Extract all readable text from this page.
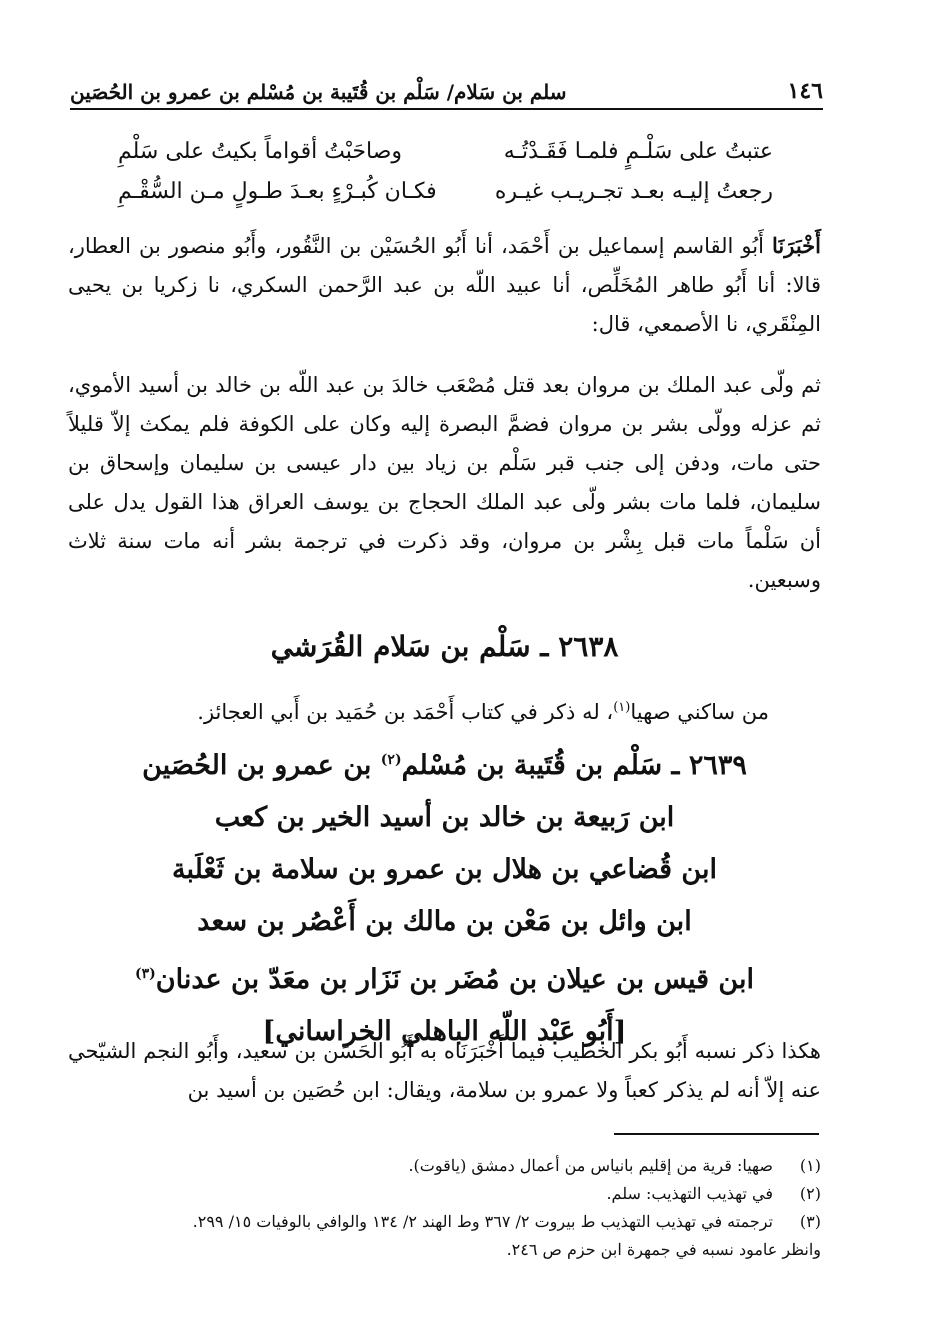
١٤٦
سلم بن سَلام/ سَلْم بن قُتَيبة بن مُسْلم بن عمرو بن الحُصَين
عتبتُ على سَلْـمٍ فلمـا فَقَـدْتُـه
وصاحَبْتُ أقواماً بكيتُ على سَلْمِ
رجعتُ إليـه بعـد تجـريـب غيـره
فكـان كُبـرْءٍ بعـدَ طـولٍ مـن السُّقْـمِ
أَخْبَرَنَا أَبُو القاسم إسماعيل بن أَحْمَد، أنا أَبُو الحُسَيْن بن النَّقُور، وأَبُو منصور بن العطار، قالا: أنا أَبُو طاهر المُخَلِّص، أنا عبيد اللّه بن عبد الرَّحمن السكري، نا زكريا بن يحيى المِنْقَري، نا الأصمعي، قال:
ثم ولّى عبد الملك بن مروان بعد قتل مُصْعَب خالدَ بن عبد اللّه بن خالد بن أسيد الأموي، ثم عزله وولّى بشر بن مروان فضمَّ البصرة إليه وكان على الكوفة فلم يمكث إلاّ قليلاً حتى مات، ودفن إلى جنب قبر سَلْم بن زياد بين دار عيسى بن سليمان وإسحاق بن سليمان، فلما مات بشر ولّى عبد الملك الحجاج بن يوسف العراق هذا القول يدل على أن سَلْماً مات قبل بِشْر بن مروان، وقد ذكرت في ترجمة بشر أنه مات سنة ثلاث وسبعين.
٢٦٣٨ ـ سَلْم بن سَلام القُرَشي
من ساكني صهيا$^{(١)}$، له ذكر في كتاب أَحْمَد بن حُمَيد بن أَبي العجائز.
٢٦٣٩ ـ سَلْم بن قُتَيبة بن مُسْلم$^{(٢)}$ بن عمرو بن الحُصَين
ابن رَبيعة بن خالد بن أسيد الخير بن كعب
ابن قُضاعي بن هلال بن عمرو بن سلامة بن ثَعْلَبة
ابن وائل بن مَعْن بن مالك بن أَعْصُر بن سعد
ابن قيس بن عيلان بن مُضَر بن نَزَار بن معَدّ بن عدنان$^{(٣)}$
[أَبُو عَبْد اللّه الباهلي الخراساني]
هكذا ذكر نسبه أَبُو بكر الخطيب فيما أَخْبَرَنَاه به أَبُو الحَسَن بن سعيد، وأَبُو النجم الشيّحي عنه إلاّ أنه لم يذكر كعباً ولا عمرو بن سلامة، ويقال: ابن حُصَين بن أسيد بن
(١)
صهيا: قرية من إقليم بانياس من أعمال دمشق (ياقوت).
(٢)
في تهذيب التهذيب: سلم.
(٣)
ترجمته في تهذيب التهذيب ط بيروت ٢/ ٣٦٧ وط الهند ٢/ ١٣٤ والوافي بالوفيات ١٥/ ٢٩٩.
وانظر عامود نسبه في جمهرة ابن حزم ص ٢٤٦.
